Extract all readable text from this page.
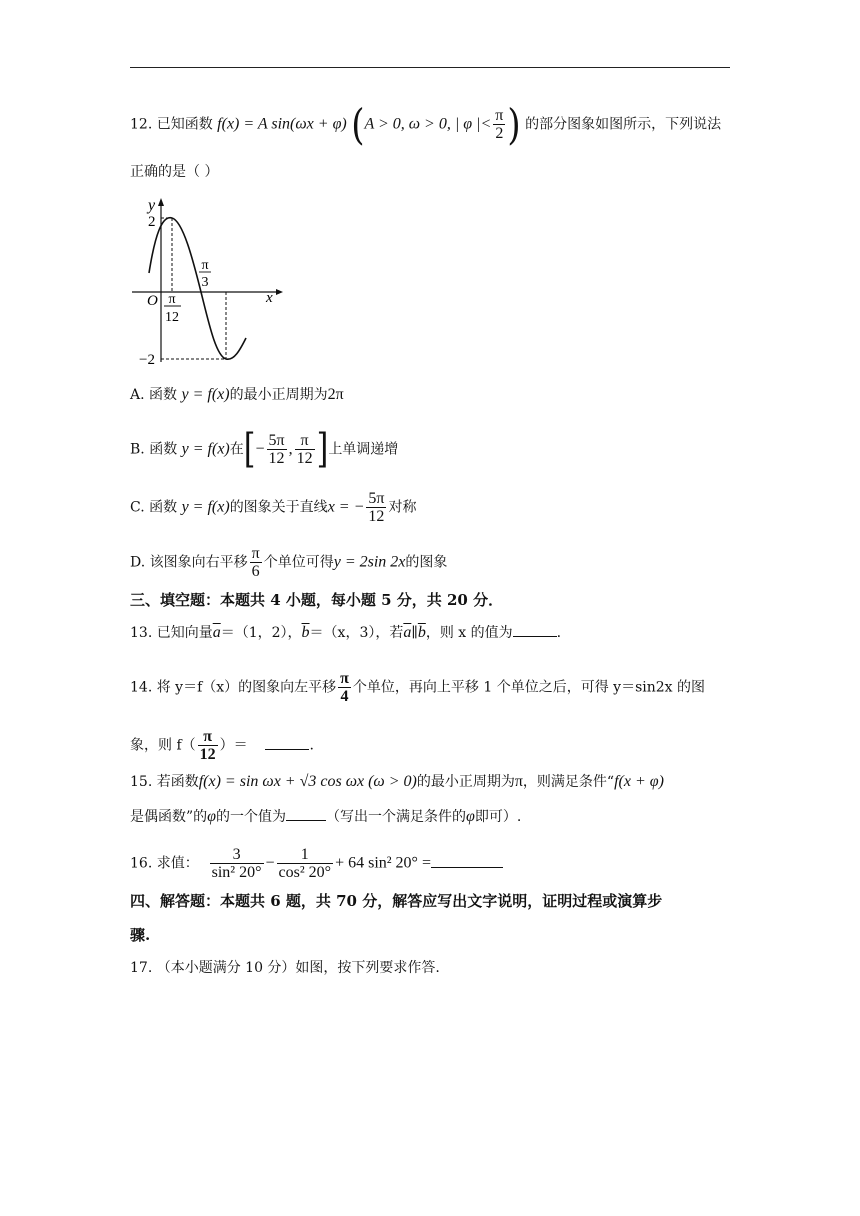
12. 已知函数 f(x) = A sin(ωx + φ) (A > 0, ω > 0, | φ |< $\frac{\pi}{2}$ ) 的部分图象如图所示，下列说法
正确的是（ ）
y
x
O
2
−2
π
12
π
3
A. 函数 y = f(x)的最小正周期为2π
B. 函数 y = f(x)在[− $\frac{5\pi}{12}$ , $\frac{\pi}{12}$ ]上单调递增
C. 函数 y = f(x)的图象关于直线x = − $\frac{5\pi}{12}$ 对称
D. 该图象向右平移 $\frac{\pi}{6}$ 个单位可得y = 2sin 2x的图象
三、填空题：本题共 4 小题，每小题 5 分，共 20 分．
13. 已知向量$\overline{a}=(1$，2），$\overline{b}=(x$，3），若$\overline{a}\parallel\overline{b}$，则 x 的值为	.
14. 将 y＝f（x）的图象向左平移 $\frac{\pi}{4}$ 个单位，再向上平移 1 个单位之后，可得 y＝sin2x 的图
象，则 $f( \frac{\pi}{12}$ ）＝	.
15. 若函数f(x) = sin ωx + √3 cos ωx (ω > 0)的最小正周期为π，则满足条件“f(x + φ)
是偶函数”的φ的一个值为	（写出一个满足条件的φ即可）.
16. 求值： $\frac{3}{\text{sin² 20°}} - \frac{1}{\text{cos² 20°}} + 64$ sin² 20° =
四、解答题：本题共 6 题，共 70 分，解答应写出文字说明，证明过程或演算步
骤.
17. （本小题满分 10 分）如图，按下列要求作答.
